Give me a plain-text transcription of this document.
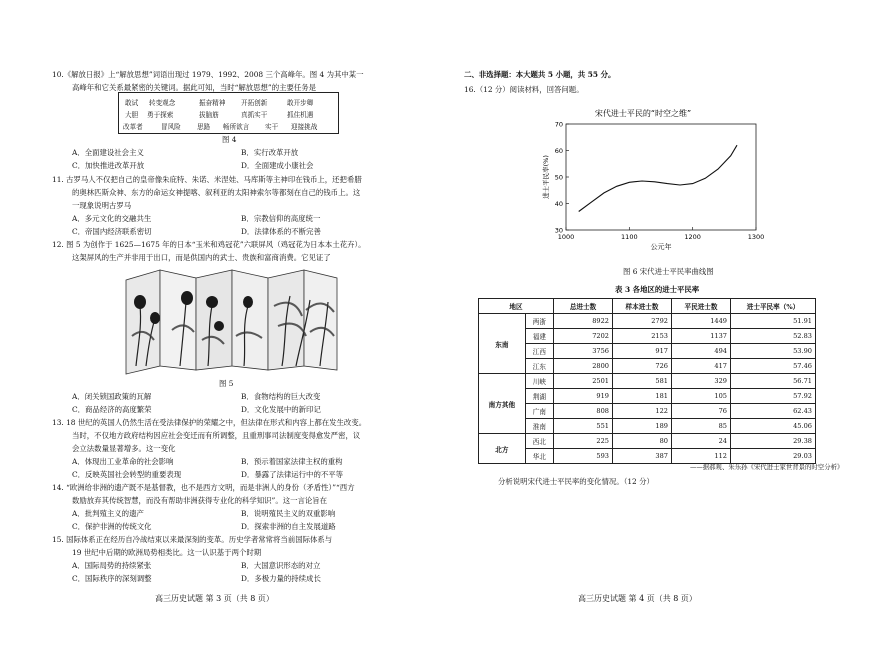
10.《解放日报》上“解放思想”词语出现过 1979、1992、2008 三个高峰年。图 4 为其中某一
高峰年和它关系最紧密的关键词。据此可知，当时“解放思想”的主要任务是
敢试 转变观念	振奋精神 开拓创新	敢开步卿
大胆 勇于探索	拔脑筋	真抓实干	抓住机遇
改革者	冒风险 思路 畅所欲言 实干 迎接挑战
图 4
A．全面建设社会主义	B．实行改革开放
C．加快推进改革开放	D．全面建成小康社会
11. 古罗马人不仅把自己的皇帝像朱庇特、朱诺、米涅娃、马库斯等主神印在钱币上，还把希腊
的奥林匹斯众神、东方的命运女神提喀、叙利亚的太阳神索尔等都刻在自己的钱币上。这
一现象说明古罗马
A．多元文化的交融共生	B．宗教信仰的高度统一
C．帝国内经济联系密切	D．法律体系的不断完善
12. 图 5 为创作于 1625—1675 年的日本“玉米和鸡冠花”六联屏风（鸡冠花为日本本土花卉）。
这架屏风的生产并非用于出口，而是供国内的武士、贵族和富商消费。它见证了
图 5
A．闭关锁国政策的瓦解	B．食物结构的巨大改变
C．商品经济的高度繁荣	D．文化发展中的新印记
13. 18 世纪的英国人仍然生活在受法律保护的荣耀之中，但法律在形式和内容上都在发生改变。
当时，不仅地方政府结构因应社会变迁而有所调整，且重刑事司法制度变得愈发严密，议
会立法数量显著增多。这一变化
A．体现出工业革命的社会影响	B．预示着国家法律主权的重构
C．反映英国社会转型的重要表现	D．暴露了法律运行中的不平等
14. “欧洲给非洲的遗产既不是基督教，也不是西方文明，而是非洲人的身份（矛盾性）”“西方
数励放弃其传统智慧，而没有帮助非洲获得专业化的科学知识”。这一言论旨在
A．批判殖主义的遗产	B．说明殖民主义的双重影响
C．保护非洲的传统文化	D．探索非洲的自主发展道路
15. 国际体系正在经历自冷战结束以来最深刻的变革。历史学者常常将当前国际体系与
19 世纪中后期的欧洲局势相类比。这一认识基于两个时期
A．国际局势的持续紧张	B．大国意识形态的对立
C．国际秩序的深刻调整	D．多极力量的持续成长
高三历史试题 第 3 页（共 8 页）
二、非选择题：本大题共 5 小题，共 55 分。
16.（12 分）阅读材料，回答问题。
图 6 宋代进士平民率曲线图
表 3 各地区的进士平民率
——据郝观、朱乐孙《宋代进士家世背景的时空分析》
分析说明宋代进士平民率的变化情况。（12 分）
高三历史试题 第 4 页（共 8 页）
宋代进士平民的“时空之维”
1000	1100	1200	1300
30
40
50
60
70
公元年
进士平民率(%)
地区		总进士数	样本进士数	平民进士数	进士平民率（%）
东南	两浙	8922	2792	1449	51.91
	福建	7202	2153	1137	52.83
	江西	3756	917	494	53.90
	江东	2800	726	417	57.46
南方其他	川峡	2501	581	329	56.71
	荆湖	919	181	105	57.92
	广南	808	122	76	62.43
	淮南	551	189	85	45.06
北方	西北	225	80	24	29.38
	华北	593	387	112	29.03
